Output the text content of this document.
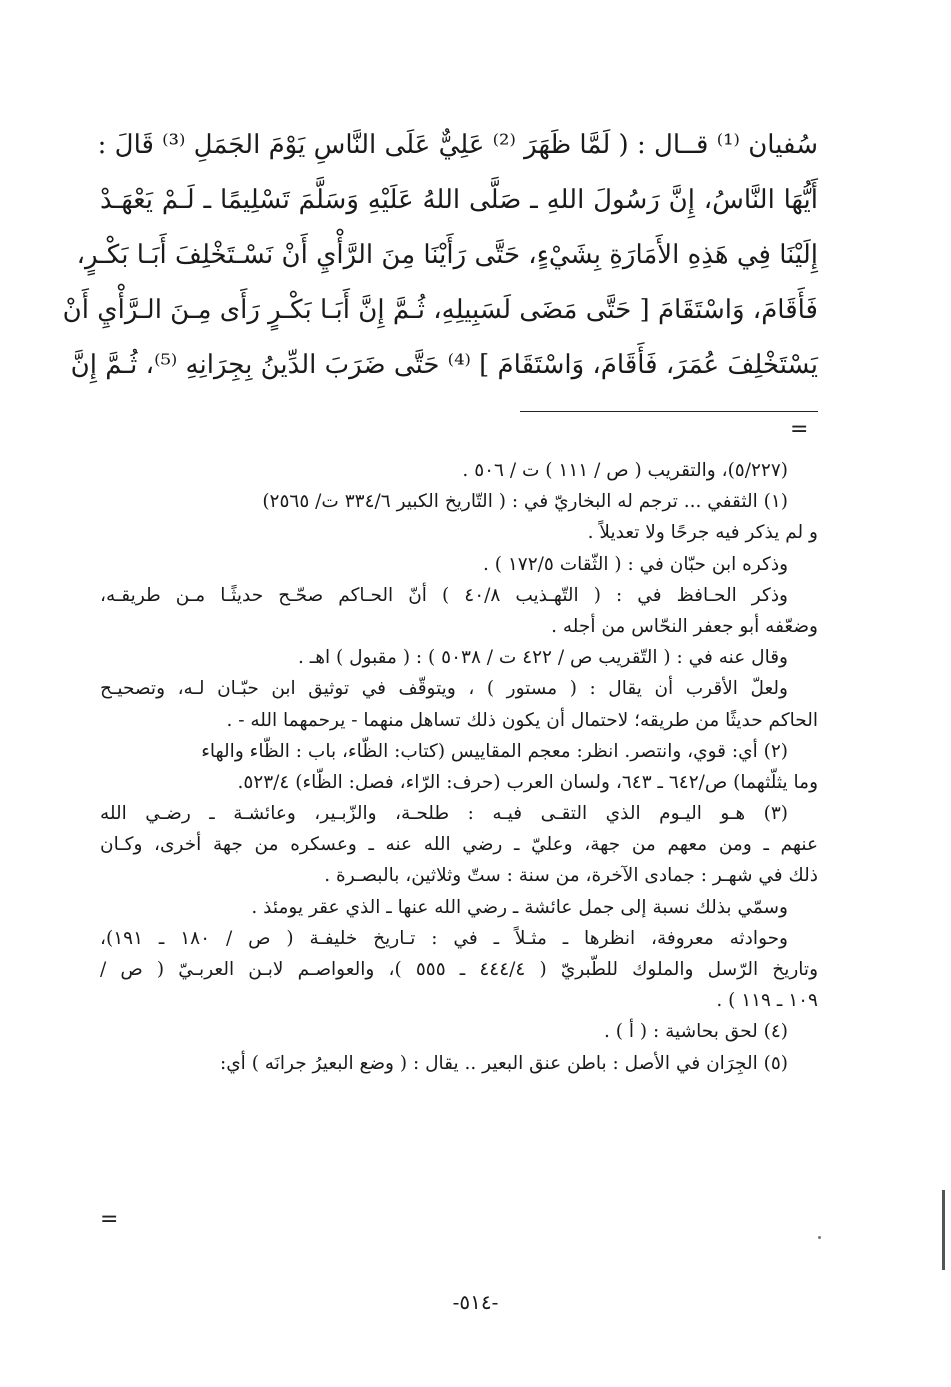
سُفيان ⁽¹⁾ قــال : ( لَمَّا ظَهَرَ ⁽²⁾ عَلِيٌّ عَلَى النَّاسِ يَوْمَ الجَمَلِ ⁽³⁾ قَالَ :
أَيُّهَا النَّاسُ، إِنَّ رَسُولَ اللهِ ـ صَلَّى اللهُ عَلَيْهِ وَسَلَّمَ تَسْلِيمًا ـ لَـمْ يَعْهَـدْ
إِلَيْنَا فِي هَذِهِ الأَمَارَةِ بِشَيْءٍ، حَتَّى رَأَيْنَا مِنَ الرَّأْيِ أَنْ نَسْـتَخْلِفَ أَبَـا بَكْـرٍ،
فَأَقَامَ، وَاسْتَقَامَ [ حَتَّى مَضَى لَسَبِيلِهِ، ثُـمَّ إِنَّ أَبَـا بَكْـرٍ رَأَى مِـنَ الـرَّأْيِ أَنْ
يَسْتَخْلِفَ عُمَرَ، فَأَقَامَ، وَاسْتَقَامَ ] ⁽⁴⁾ حَتَّى ضَرَبَ الدِّينُ بِجِرَانِهِ ⁽⁵⁾، ثُـمَّ إِنَّ
=
(٥/٢٢٧)، والتقريب ( ص / ١١١ ) ت / ٥٠٦ .
(١) الثقفي ... ترجم له البخاريّ في : ( التّاريخ الكبير ٣٣٤/٦ ت/ ٢٥٦٥)
و لم يذكر فيه جرحًا ولا تعديلاً .
وذكره ابن حبّان في : ( الثّقات ١٧٢/٥ ) .
وذكر الحـافظ في : ( التّهـذيب ٤٠/٨ ) أنّ الحـاكم صحّـح حديثًـا مـن طريقـه،
وضعّفه أبو جعفر النحّاس من أجله .
وقال عنه في : ( التّقريب ص / ٤٢٢ ت / ٥٠٣٨ ) : ( مقبول ) اهـ .
ولعلّ الأقرب أن يقال : ( مستور ) ، ويتوقّف في توثيق ابن حبّـان لـه، وتصحيـح
الحاكم حديثًا من طريقه؛ لاحتمال أن يكون ذلك تساهل منهما - يرحمهما الله - .
(٢) أي: قوي، وانتصر. انظر: معجم المقاييس (كتاب: الظّاء، باب : الظّاء والهاء
وما يثلّثهما) ص/٦٤٢ ـ ٦٤٣، ولسان العرب (حرف: الرّاء، فصل: الظّاء) ٥٢٣/٤.
(٣) هـو اليـوم الذي التقـى فيـه : طلحـة، والزّبـير، وعائشـة ـ رضـي الله
عنهم ـ ومن معهم من جهة، وعليّ ـ رضي الله عنه ـ وعسكره من جهة أخرى، وكـان
ذلك في شهـر : جمادى الآخرة، من سنة : ستّ وثلاثين، بالبصـرة .
وسمّي بذلك نسبة إلى جمل عائشة ـ رضي الله عنها ـ الذي عقر يومئذ .
وحوادثه معروفة، انظرها ـ مثـلاً ـ في : تـاريخ خليفـة ( ص / ١٨٠ ـ ١٩١)،
وتاريخ الرّسل والملوك للطّبريّ ( ٤٤٤/٤ ـ ٥٥٥ )، والعواصـم لابـن العربـيّ ( ص /
١٠٩ ـ ١١٩ ) .
(٤) لحق بحاشية : ( أ ) .
(٥) الجِرَان في الأصل : باطن عنق البعير .. يقال : ( وضع البعيرُ جرانَه ) أي:
=
-٥١٤-
